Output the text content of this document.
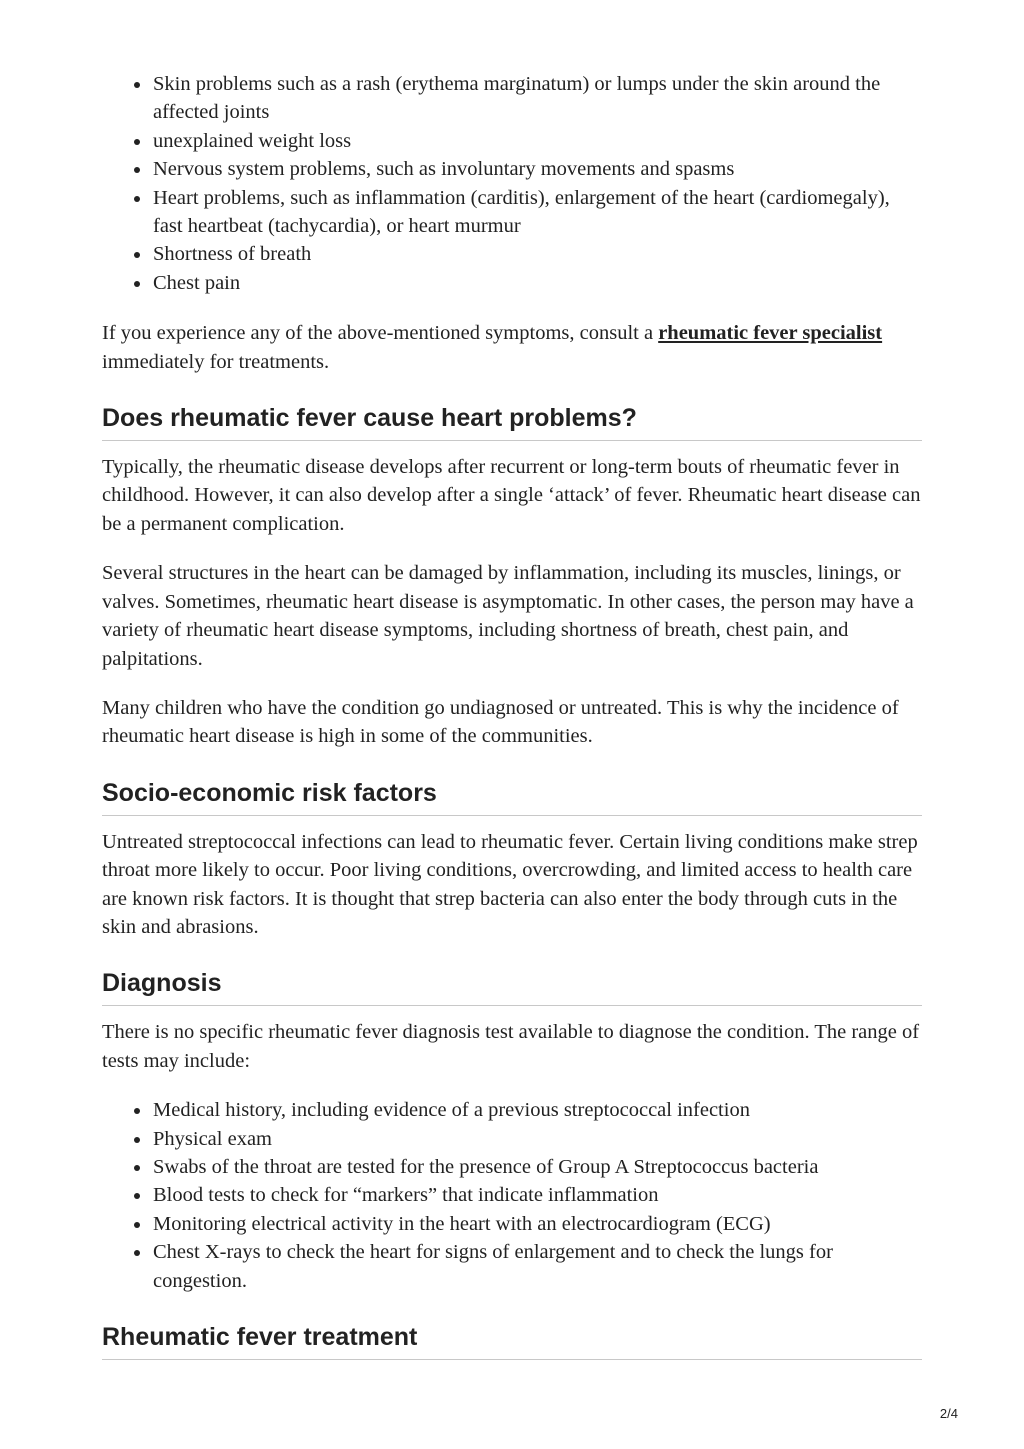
Skin problems such as a rash (erythema marginatum) or lumps under the skin around the affected joints
unexplained weight loss
Nervous system problems, such as involuntary movements and spasms
Heart problems, such as inflammation (carditis), enlargement of the heart (cardiomegaly), fast heartbeat (tachycardia), or heart murmur
Shortness of breath
Chest pain

If you experience any of the above-mentioned symptoms, consult a rheumatic fever specialist immediately for treatments.

Does rheumatic fever cause heart problems?

Typically, the rheumatic disease develops after recurrent or long-term bouts of rheumatic fever in childhood. However, it can also develop after a single ‘attack’ of fever. Rheumatic heart disease can be a permanent complication.

Several structures in the heart can be damaged by inflammation, including its muscles, linings, or valves. Sometimes, rheumatic heart disease is asymptomatic. In other cases, the person may have a variety of rheumatic heart disease symptoms, including shortness of breath, chest pain, and palpitations.

Many children who have the condition go undiagnosed or untreated. This is why the incidence of rheumatic heart disease is high in some of the communities.

Socio-economic risk factors

Untreated streptococcal infections can lead to rheumatic fever. Certain living conditions make strep throat more likely to occur. Poor living conditions, overcrowding, and limited access to health care are known risk factors. It is thought that strep bacteria can also enter the body through cuts in the skin and abrasions.

Diagnosis

There is no specific rheumatic fever diagnosis test available to diagnose the condition. The range of tests may include:

Medical history, including evidence of a previous streptococcal infection
Physical exam
Swabs of the throat are tested for the presence of Group A Streptococcus bacteria
Blood tests to check for “markers” that indicate inflammation
Monitoring electrical activity in the heart with an electrocardiogram (ECG)
Chest X-rays to check the heart for signs of enlargement and to check the lungs for congestion.
Rheumatic fever treatment
2/4
